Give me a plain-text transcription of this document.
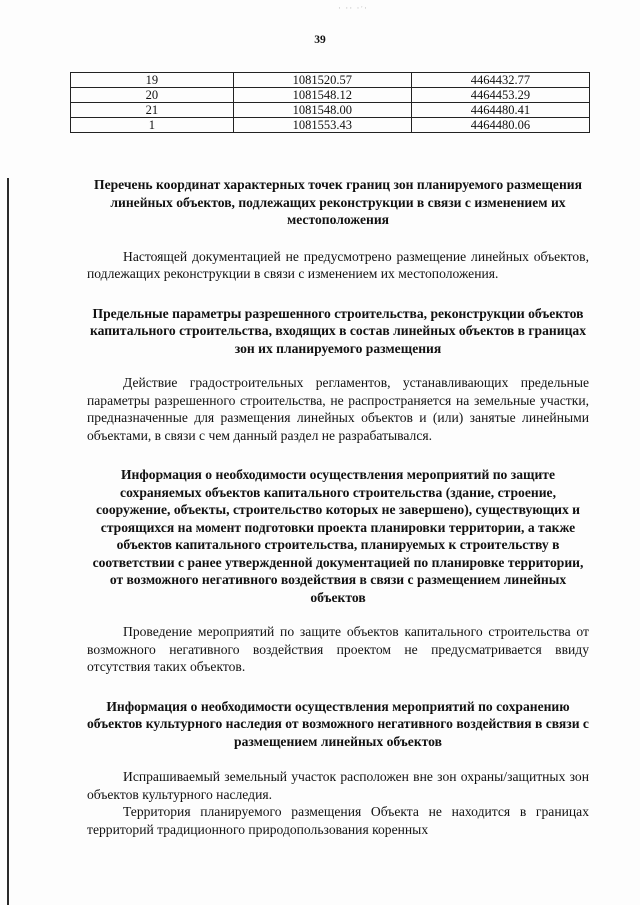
· ·· ·ˑ·
39
19	1081520.57	4464432.77
20	1081548.12	4464453.29
21	1081548.00	4464480.41
1	1081553.43	4464480.06
Перечень координат характерных точек границ зон планируемого размещения линейных объектов, подлежащих реконструкции в связи с изменением их местоположения

Настоящей документацией не предусмотрено размещение линейных объектов, подлежащих реконструкции в связи с изменением их местоположения.

Предельные параметры разрешенного строительства, реконструкции объектов капитального строительства, входящих в состав линейных объектов в границах зон их планируемого размещения

Действие градостроительных регламентов, устанавливающих предельные параметры разрешенного строительства, не распространяется на земельные участки, предназначенные для размещения линейных объектов и (или) занятые линейными объектами, в связи с чем данный раздел не разрабатывался.

Информация о необходимости осуществления мероприятий по защите сохраняемых объектов капитального строительства (здание, строение, сооружение, объекты, строительство которых не завершено), существующих и строящихся на момент подготовки проекта планировки территории, а также объектов капитального строительства, планируемых к строительству в соответствии с ранее утвержденной документацией по планировке территории, от возможного негативного воздействия в связи с размещением линейных объектов

Проведение мероприятий по защите объектов капитального строительства от возможного негативного воздействия проектом не предусматривается ввиду отсутствия таких объектов.

Информация о необходимости осуществления мероприятий по сохранению объектов культурного наследия от возможного негативного воздействия в связи с размещением линейных объектов

Испрашиваемый земельный участок расположен вне зон охраны/защитных зон объектов культурного наследия.

Территория планируемого размещения Объекта не находится в границах территорий традиционного природопользования коренных
